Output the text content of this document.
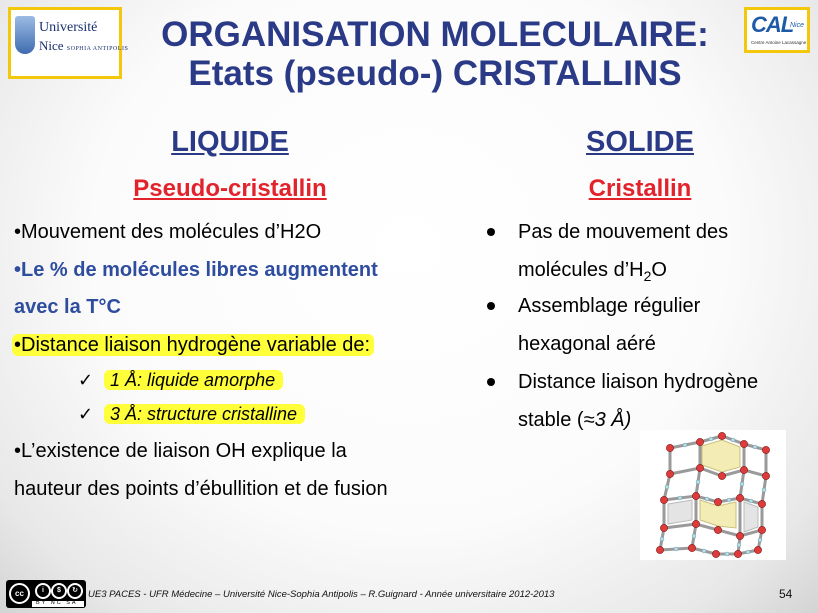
Université
Nice SOPHIA ANTIPOLIS
CAL
Nice
Centre Antoine Lacassagne
ORGANISATION MOLECULAIRE:
Etats (pseudo-) CRISTALLINS
LIQUIDE
Pseudo-cristallin
•Mouvement des molécules d’H2O
•Le % de molécules libres augmentent
avec la T°C
•Distance liaison hydrogène variable de:
✓ 1 Å: liquide amorphe
✓ 3 Å: structure cristalline
•L’existence de liaison OH explique la
hauteur des points d’ébullition et de fusion
SOLIDE
Cristallin
Pas de mouvement des
molécules $d’H_2O$
Assemblage régulier
hexagonal aéré
Distance liaison hydrogène
stable (≈3 Å)
cc	i	$	↻
BY NC SA
UE3 PACES - UFR Médecine – Université Nice-Sophia Antipolis – R.Guignard - Année universitaire 2012-2013	54
